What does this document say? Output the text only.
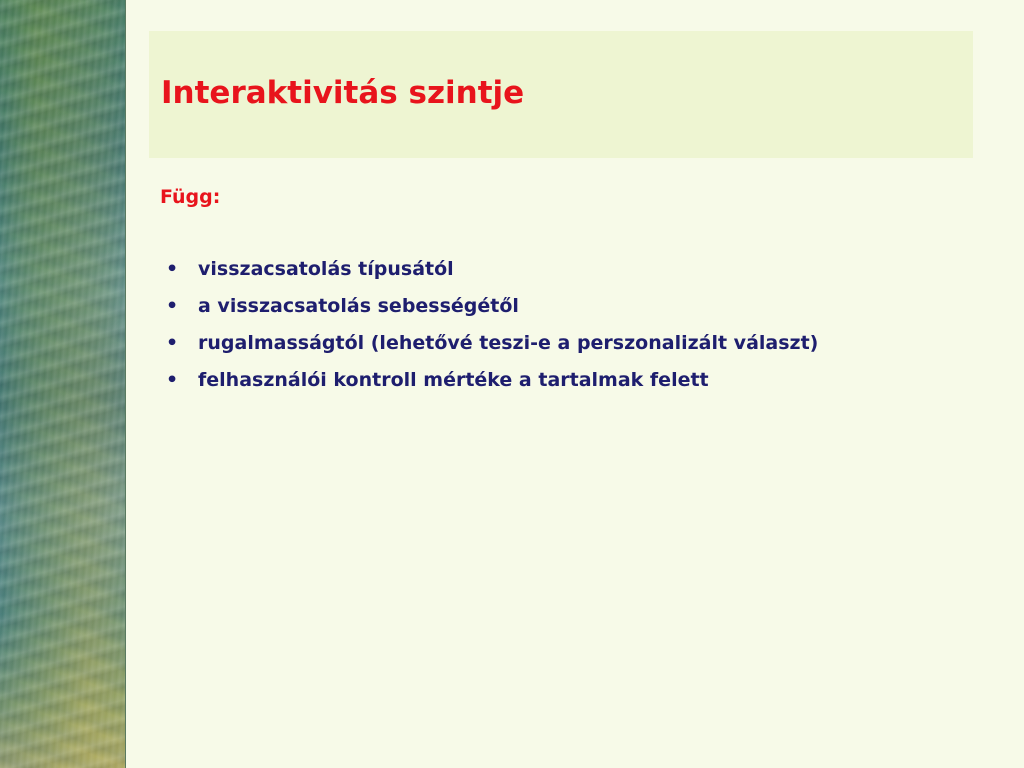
Interaktivitás szintje

Függ:

• visszacsatolás típusától
• a visszacsatolás sebességétől
• rugalmasságtól (lehetővé teszi-e a perszonalizált választ)
• felhasználói kontroll mértéke a tartalmak felett
